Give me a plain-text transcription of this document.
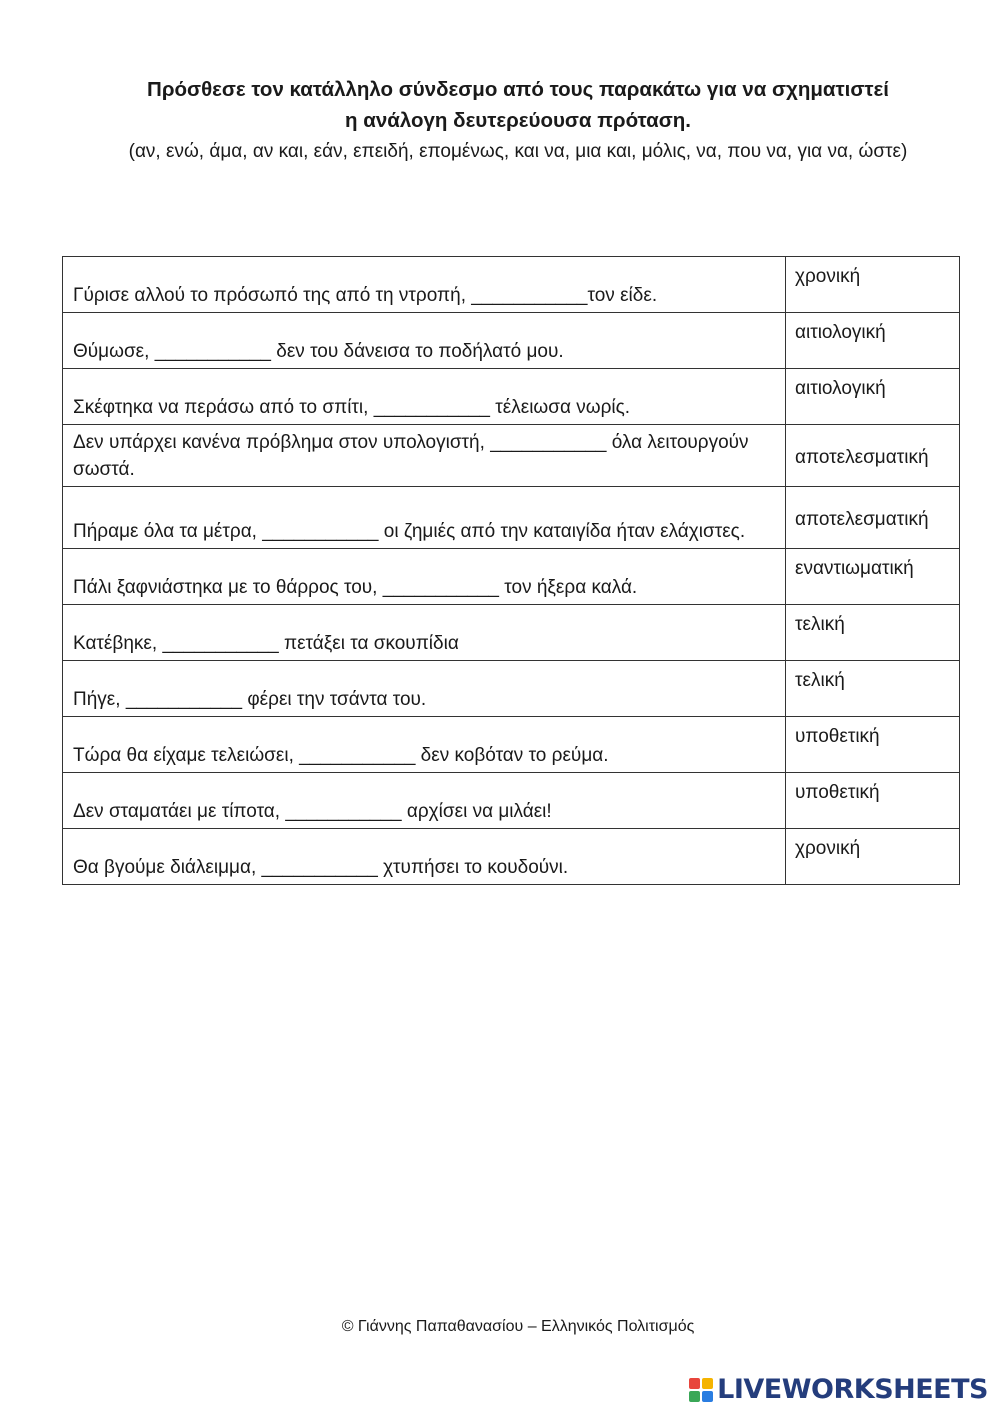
Πρόσθεσε τον κατάλληλο σύνδεσμο από τους παρακάτω για να σχηματιστεί
η ανάλογη δευτερεύουσα πρόταση.

(αν, ενώ, άμα, αν και, εάν, επειδή, επομένως, και να, μια και, μόλις, να, που να, για να, ώστε)

Γύρισε αλλού το πρόσωπό της από τη ντροπή, ___________τον είδε.	χρονική
Θύμωσε, ___________ δεν του δάνεισα το ποδήλατό μου.	αιτιολογική
Σκέφτηκα να περάσω από το σπίτι, ___________ τέλειωσα νωρίς.	αιτιολογική
Δεν υπάρχει κανένα πρόβλημα στον υπολογιστή, ___________ όλα λειτουργούν σωστά.	αποτελεσματική
Πήραμε όλα τα μέτρα, ___________ οι ζημιές από την καταιγίδα ήταν ελάχιστες.	αποτελεσματική
Πάλι ξαφνιάστηκα με το θάρρος του, ___________ τον ήξερα καλά.	εναντιωματική
Κατέβηκε, ___________ πετάξει τα σκουπίδια	τελική
Πήγε, ___________ φέρει την τσάντα του.	τελική
Τώρα θα είχαμε τελειώσει, ___________ δεν κοβόταν το ρεύμα.	υποθετική
Δεν σταματάει με τίποτα, ___________ αρχίσει να μιλάει!	υποθετική
Θα βγούμε διάλειμμα, ___________ χτυπήσει το κουδούνι.	χρονική
© Γιάννης Παπαθανασίου – Ελληνικός Πολιτισμός
LIVEWORKSHEETS
